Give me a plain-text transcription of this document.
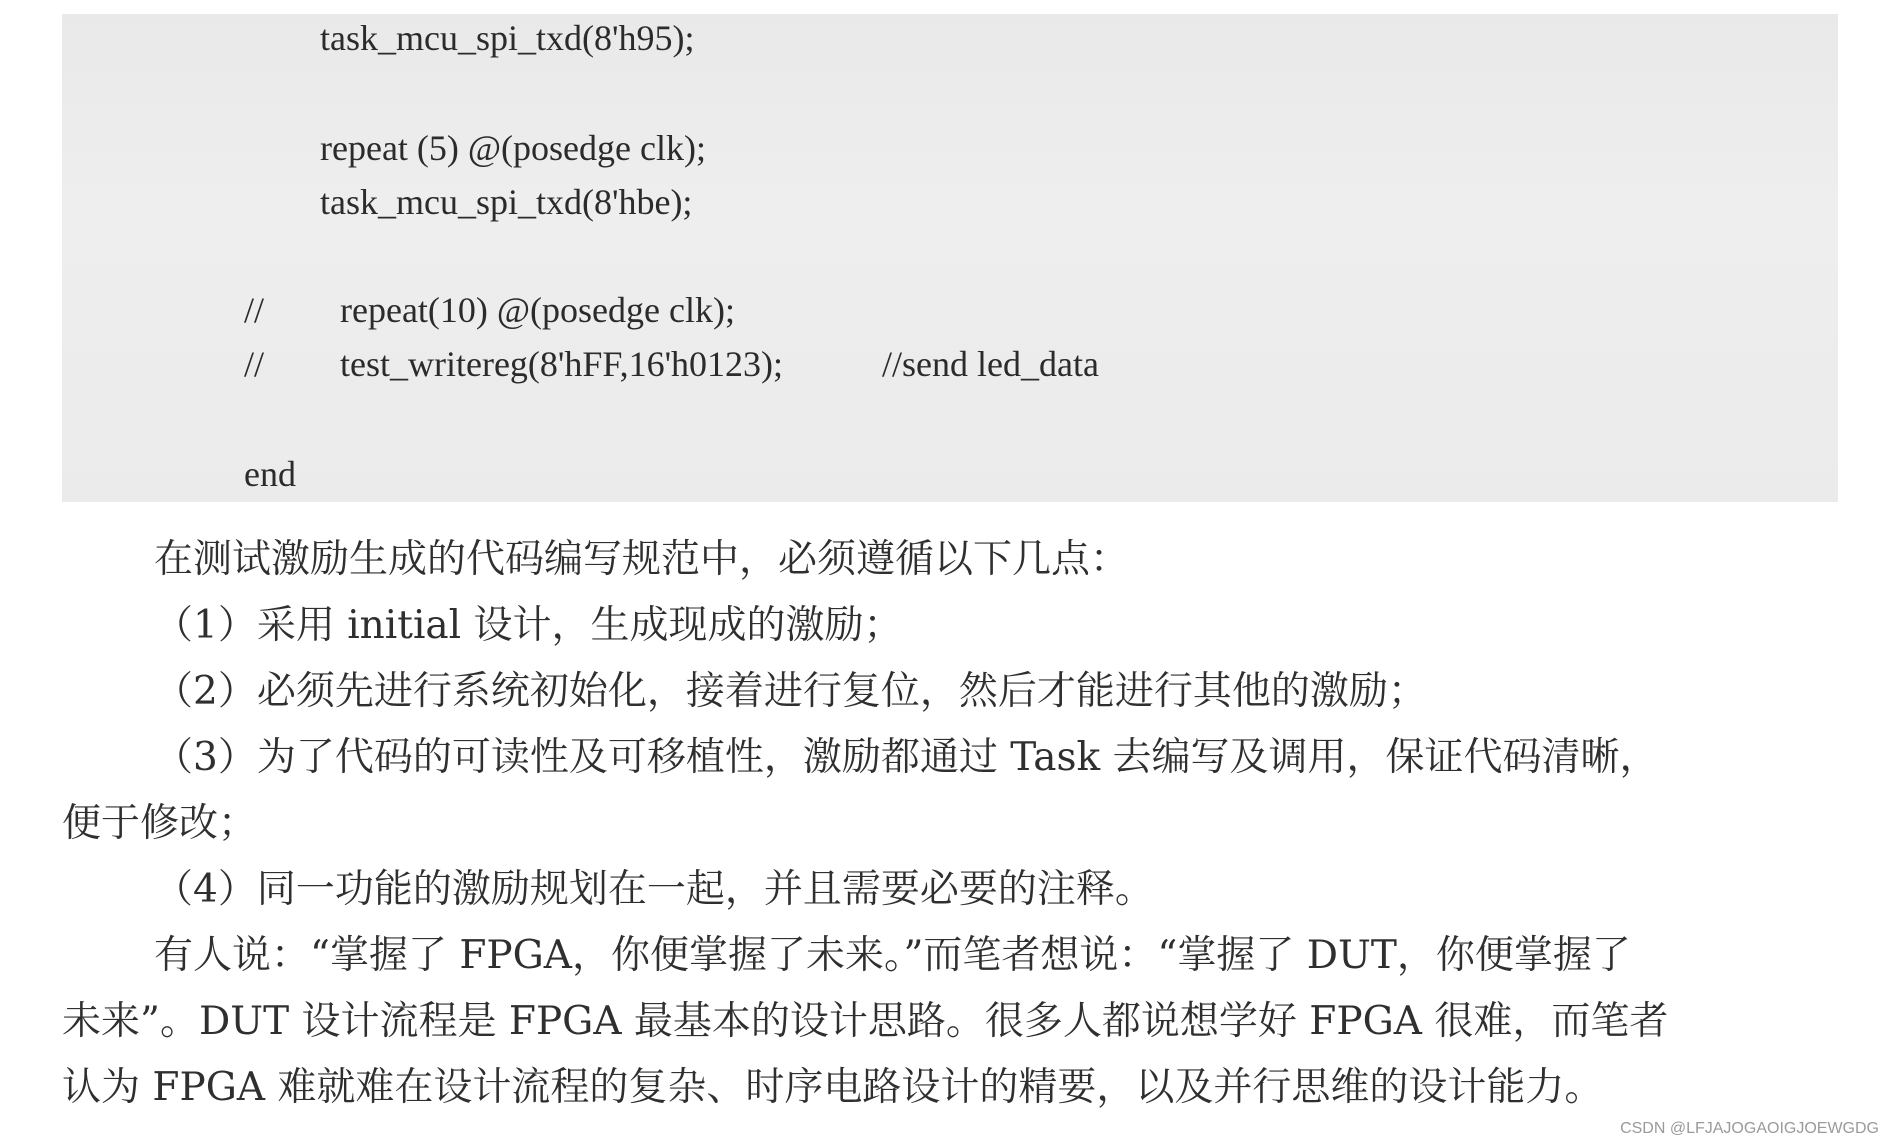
task_mcu_spi_txd(8'h95);
repeat (5) @(posedge clk);
task_mcu_spi_txd(8'hbe);
// repeat(10) @(posedge clk);
// test_writereg(8'hFF,16'h0123);	//send led_data
end
在测试激励生成的代码编写规范中，必须遵循以下几点：
（1）采用 initial 设计，生成现成的激励；
（2）必须先进行系统初始化，接着进行复位，然后才能进行其他的激励；
（3）为了代码的可读性及可移植性，激励都通过 Task 去编写及调用，保证代码清晰，
便于修改；
（4）同一功能的激励规划在一起，并且需要必要的注释。
有人说：“掌握了 FPGA，你便掌握了未来。”而笔者想说：“掌握了 DUT，你便掌握了
未来”。DUT 设计流程是 FPGA 最基本的设计思路。很多人都说想学好 FPGA 很难，而笔者
认为 FPGA 难就难在设计流程的复杂、时序电路设计的精要，以及并行思维的设计能力。
CSDN @LFJAJOGAOIGJOEWGDG
